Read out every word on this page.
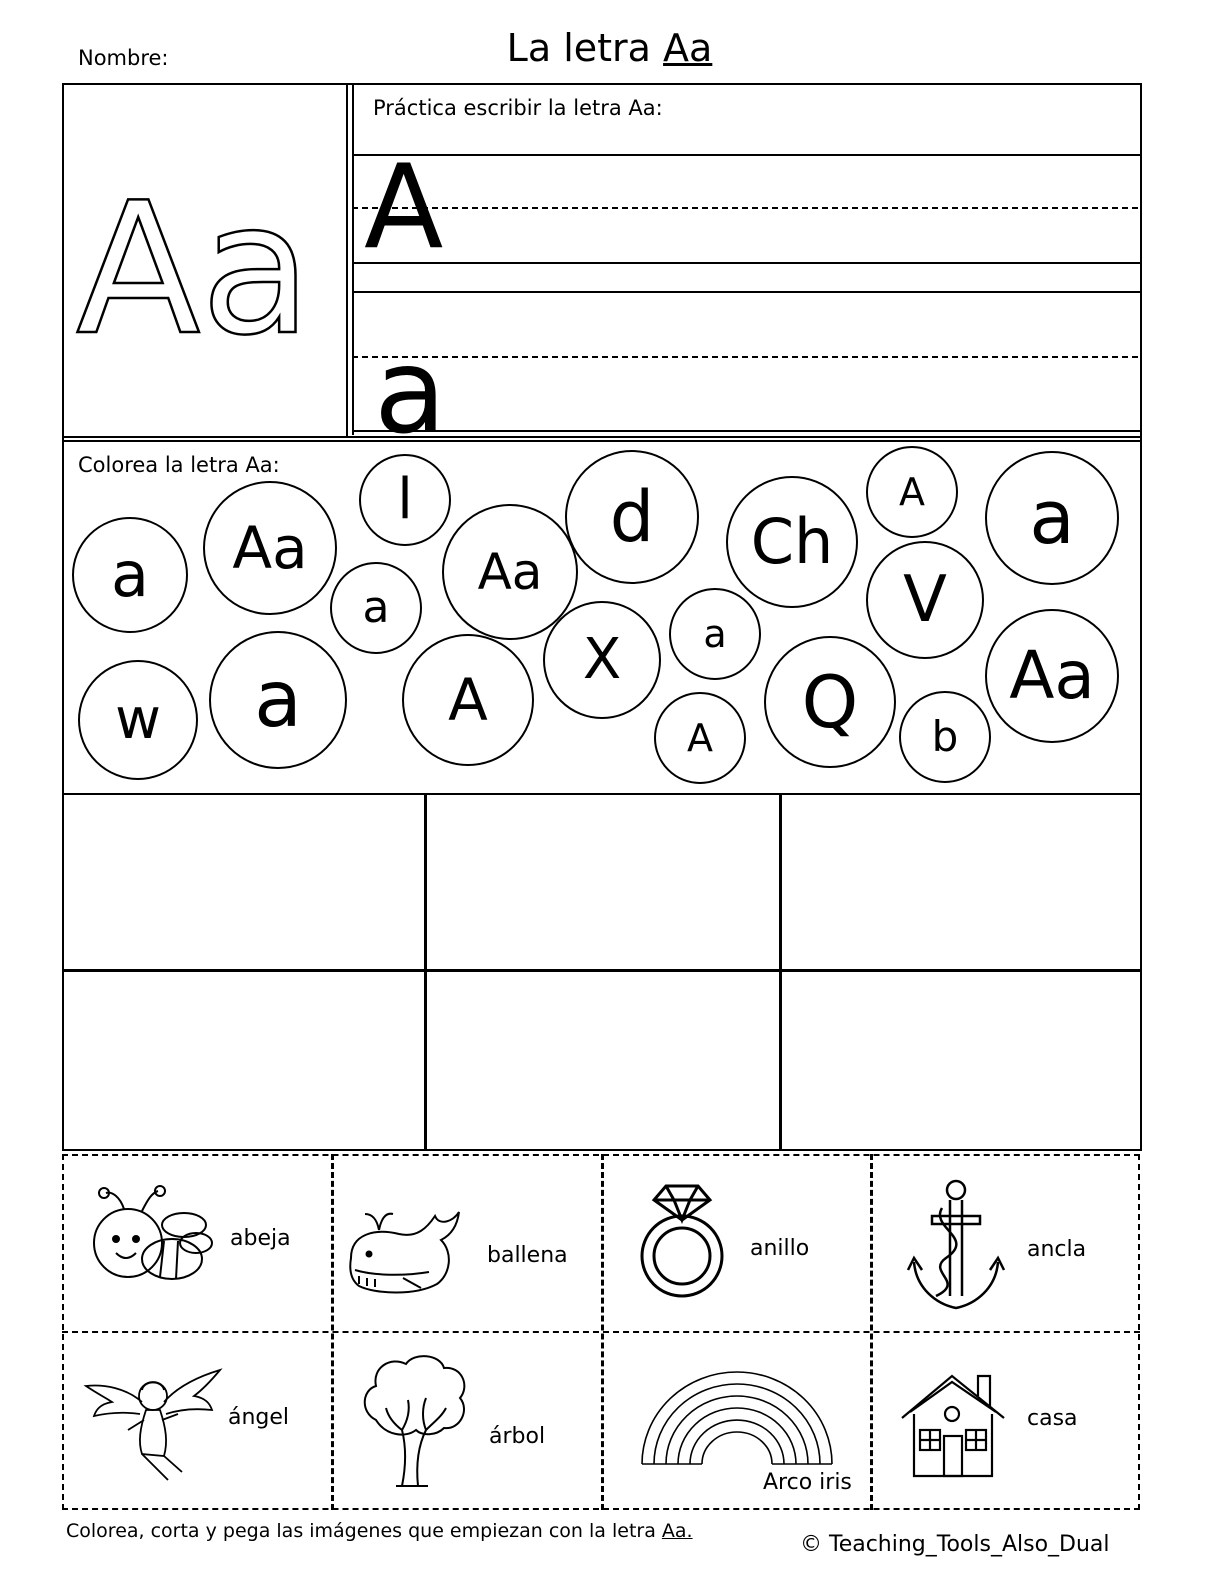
Nombre:	La letra Aa
Aa
Práctica escribir la letra Aa:
A
a
Colorea la letra Aa:
a Aa
l
a
Aa
d Ch
A a
V
w a	A
X a
A Q b
Aa
abeja
ballena	anillo	ancla
ángel
árbol
Arco iris
casa
Colorea, corta y pega las imágenes que empiezan con la letra Aa.
© Teaching_Tools_Also_Dual
